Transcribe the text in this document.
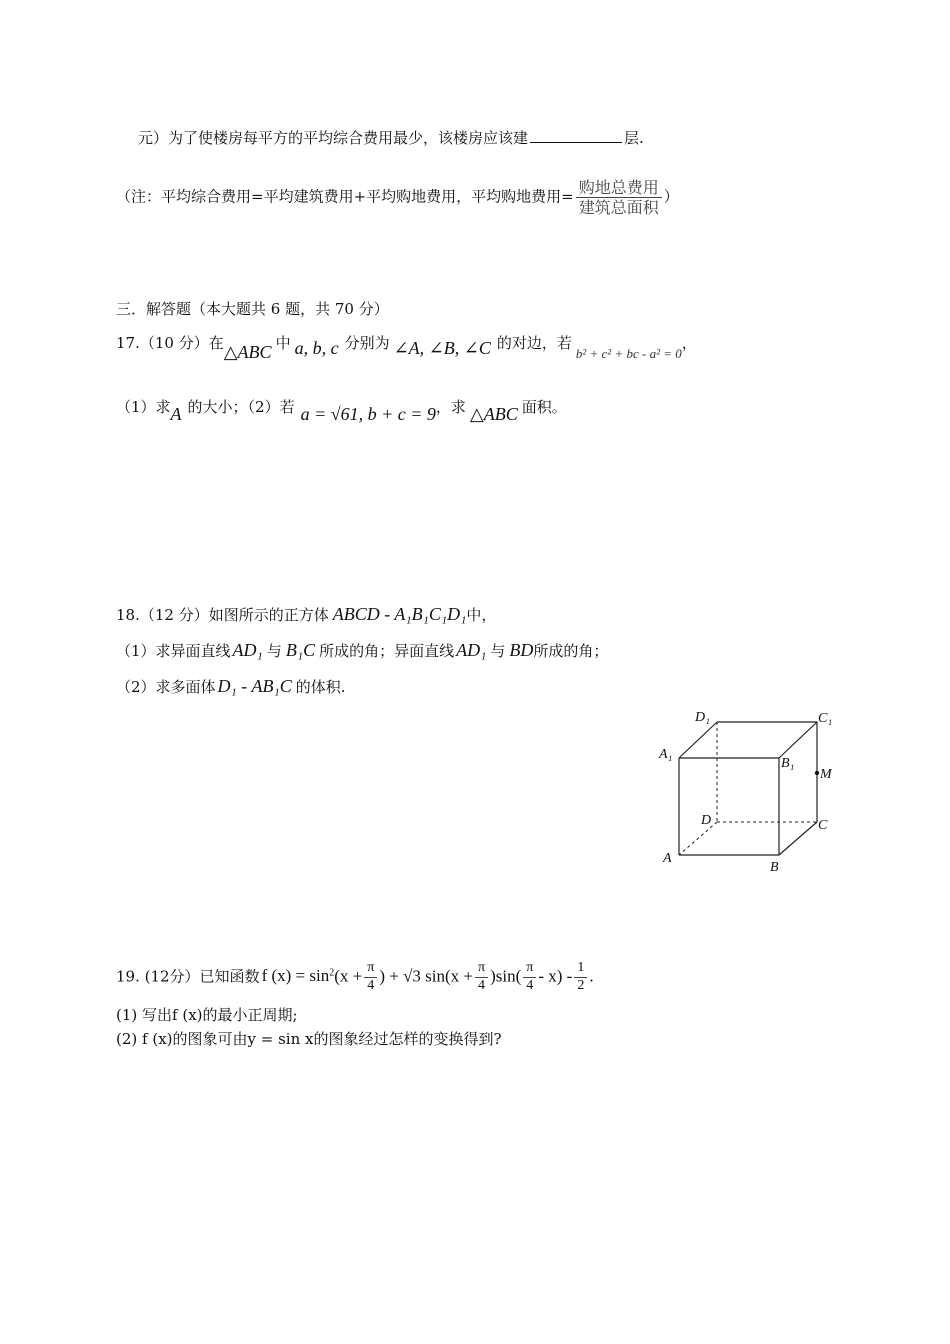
元）为了使楼房每平方的平均综合费用最少，该楼房应该建	层.
（注：平均综合费用=平均建筑费用+平均购地费用，平均购地费用= $\frac{\text{购地总费用}}{\text{建筑总面积}}$ ）
三．解答题（本大题共 6 题，共 70 分）
17.（10 分）在△ABC 中 a, b, c 分别为 ∠A, ∠B, ∠C 的对边，若b² + c² + bc - a² = 0，
（1）求A 的大小；（2）若 a = √61, b + c = 9，求 △ABC 面积。
18.（12 分）如图所示的正方体 ABCD - A₁B₁C₁D₁中，
（1）求异面直线 AD₁ 与 B₁C 所成的角；异面直线 AD₁ 与 BD所成的角；
（2）求多面体 D₁ - AB₁C 的体积.
D₁	C₁
A₁
B₁
M
D	C
A
B
19. (12分）已知函数 f $(x) = \sin^2(x + \frac{\pi}{4}$ ) + √3 $\sin(x + \frac{\pi}{4} )\sin( \frac{\pi}{4} - x) - \frac{1}{2}$ .
(1) 写出f (x)的最小正周期;
(2) f (x)的图象可由y = sin x的图象经过怎样的变换得到?
